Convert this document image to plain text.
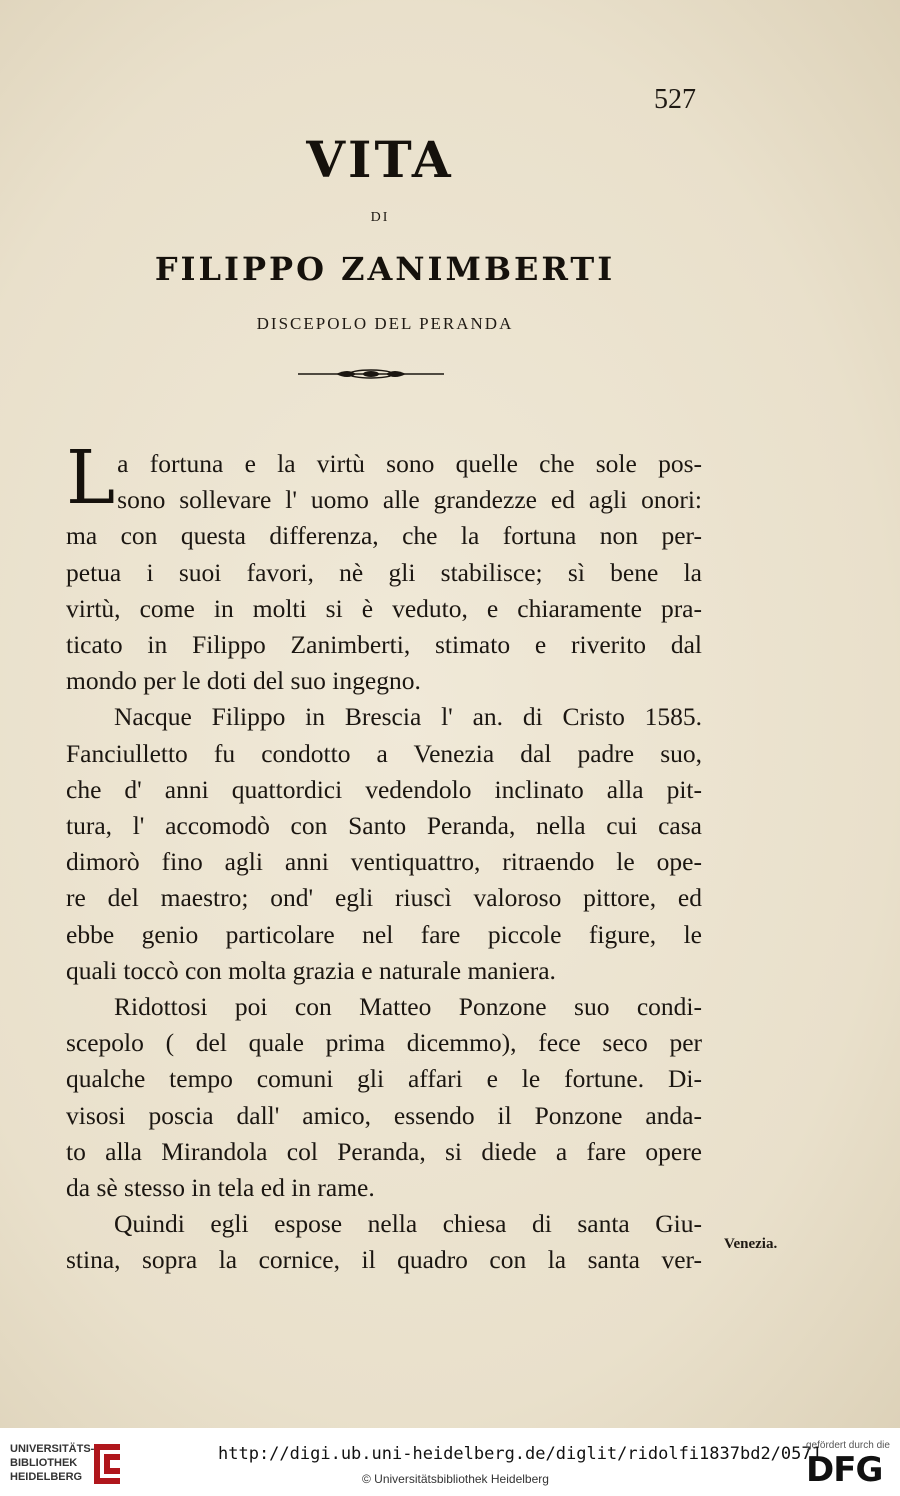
527
VITA
DI
FILIPPO ZANIMBERTI
DISCEPOLO DEL PERANDA
L a fortuna e la virtù sono quelle che sole pos-
sono sollevare l' uomo alle grandezze ed agli onori:
ma con questa differenza, che la fortuna non per-
petua i suoi favori, nè gli stabilisce; sì bene la
virtù, come in molti si è veduto, e chiaramente pra-
ticato in Filippo Zanimberti, stimato e riverito dal
mondo per le doti del suo ingegno.
Nacque Filippo in Brescia l' an. di Cristo 1585.
Fanciulletto fu condotto a Venezia dal padre suo,
che d' anni quattordici vedendolo inclinato alla pit-
tura, l' accomodò con Santo Peranda, nella cui casa
dimorò fino agli anni ventiquattro, ritraendo le ope-
re del maestro; ond' egli riuscì valoroso pittore, ed
ebbe genio particolare nel fare piccole figure, le
quali toccò con molta grazia e naturale maniera.
Ridottosi poi con Matteo Ponzone suo condi-
scepolo ( del quale prima dicemmo), fece seco per
qualche tempo comuni gli affari e le fortune. Di-
visosi poscia dall' amico, essendo il Ponzone anda-
to alla Mirandola col Peranda, si diede a fare opere
da sè stesso in tela ed in rame.
Quindi egli espose nella chiesa di santa Giu-
stina, sopra la cornice, il quadro con la santa ver-
Venezia.
UNIVERSITÄTS-
BIBLIOTHEK
HEIDELBERG
http://digi.ub.uni-heidelberg.de/diglit/ridolfi1837bd2/0571
© Universitätsbibliothek Heidelberg
gefördert durch die
DFG
